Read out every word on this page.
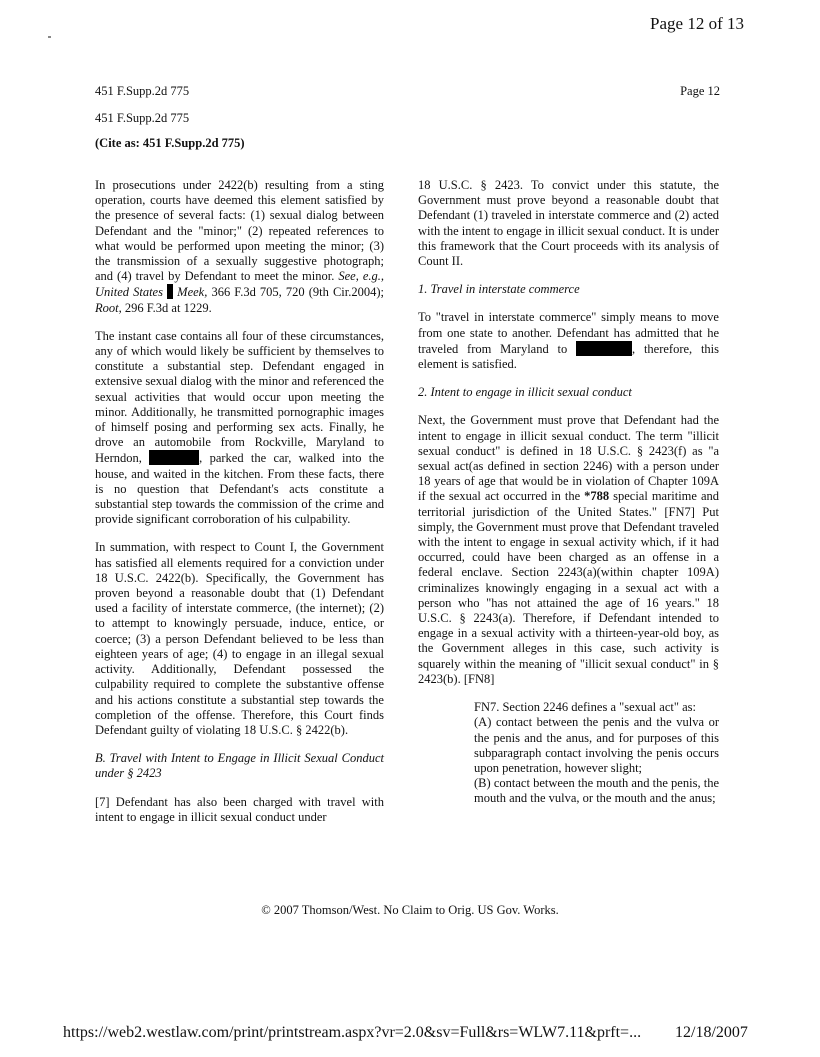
Page 12 of 13
451 F.Supp.2d 775	Page 12
451 F.Supp.2d 775
(Cite as: 451 F.Supp.2d 775)

In prosecutions under 2422(b) resulting from a sting operation, courts have deemed this element satisfied by the presence of several facts: (1) sexual dialog between Defendant and the "minor;" (2) repeated references to what would be performed upon meeting the minor; (3) the transmission of a sexually suggestive photograph; and (4) travel by Defendant to meet the minor. See, e.g., United States Meek, 366 F.3d 705, 720 (9th Cir.2004); Root, 296 F.3d at 1229.

The instant case contains all four of these circumstances, any of which would likely be sufficient by themselves to constitute a substantial step. Defendant engaged in extensive sexual dialog with the minor and referenced the sexual activities that would occur upon meeting the minor. Additionally, he transmitted pornographic images of himself posing and performing sex acts. Finally, he drove an automobile from Rockville, Maryland to Herndon,	, parked the car, walked into the house, and waited in the kitchen. From these facts, there is no question that Defendant's acts constitute a substantial step towards the commission of the crime and provide significant corroboration of his culpability.

In summation, with respect to Count I, the Government has satisfied all elements required for a conviction under 18 U.S.C. 2422(b). Specifically, the Government has proven beyond a reasonable doubt that (1) Defendant used a facility of interstate commerce, (the internet); (2) to attempt to knowingly persuade, induce, entice, or coerce; (3) a person Defendant believed to be less than eighteen years of age; (4) to engage in an illegal sexual activity. Additionally, Defendant possessed the culpability required to complete the substantive offense and his actions constitute a substantial step towards the completion of the offense. Therefore, this Court finds Defendant guilty of violating 18 U.S.C. § 2422(b).

B. Travel with Intent to Engage in Illicit Sexual Conduct under § 2423

[7] Defendant has also been charged with travel with intent to engage in illicit sexual conduct under

18 U.S.C. § 2423. To convict under this statute, the Government must prove beyond a reasonable doubt that Defendant (1) traveled in interstate commerce and (2) acted with the intent to engage in illicit sexual conduct. It is under this framework that the Court proceeds with its analysis of Count II.

1. Travel in interstate commerce

To "travel in interstate commerce" simply means to move from one state to another. Defendant has admitted that he traveled from Maryland to	, therefore, this element is satisfied.

2. Intent to engage in illicit sexual conduct

Next, the Government must prove that Defendant had the intent to engage in illicit sexual conduct. The term "illicit sexual conduct" is defined in 18 U.S.C. § 2423(f) as "a sexual act(as defined in section 2246) with a person under 18 years of age that would be in violation of Chapter 109A if the sexual act occurred in the *788 special maritime and territorial jurisdiction of the United States." [FN7] Put simply, the Government must prove that Defendant traveled with the intent to engage in sexual activity which, if it had occurred, could have been charged as an offense in a federal enclave. Section 2243(a)(within chapter 109A) criminalizes knowingly engaging in a sexual act with a person who "has not attained the age of 16 years." 18 U.S.C. § 2243(a). Therefore, if Defendant intended to engage in a sexual activity with a thirteen-year-old boy, as the Government alleges in this case, such activity is squarely within the meaning of "illicit sexual conduct" in § 2423(b). [FN8]

FN7. Section 2246 defines a "sexual act" as:

(A) contact between the penis and the vulva or the penis and the anus, and for purposes of this subparagraph contact involving the penis occurs upon penetration, however slight;

(B) contact between the mouth and the penis, the mouth and the vulva, or the mouth and the anus;

© 2007 Thomson/West. No Claim to Orig. US Gov. Works.
https://web2.westlaw.com/print/printstream.aspx?vr=2.0&sv=Full&rs=WLW7.11&prft=... 12/18/2007
